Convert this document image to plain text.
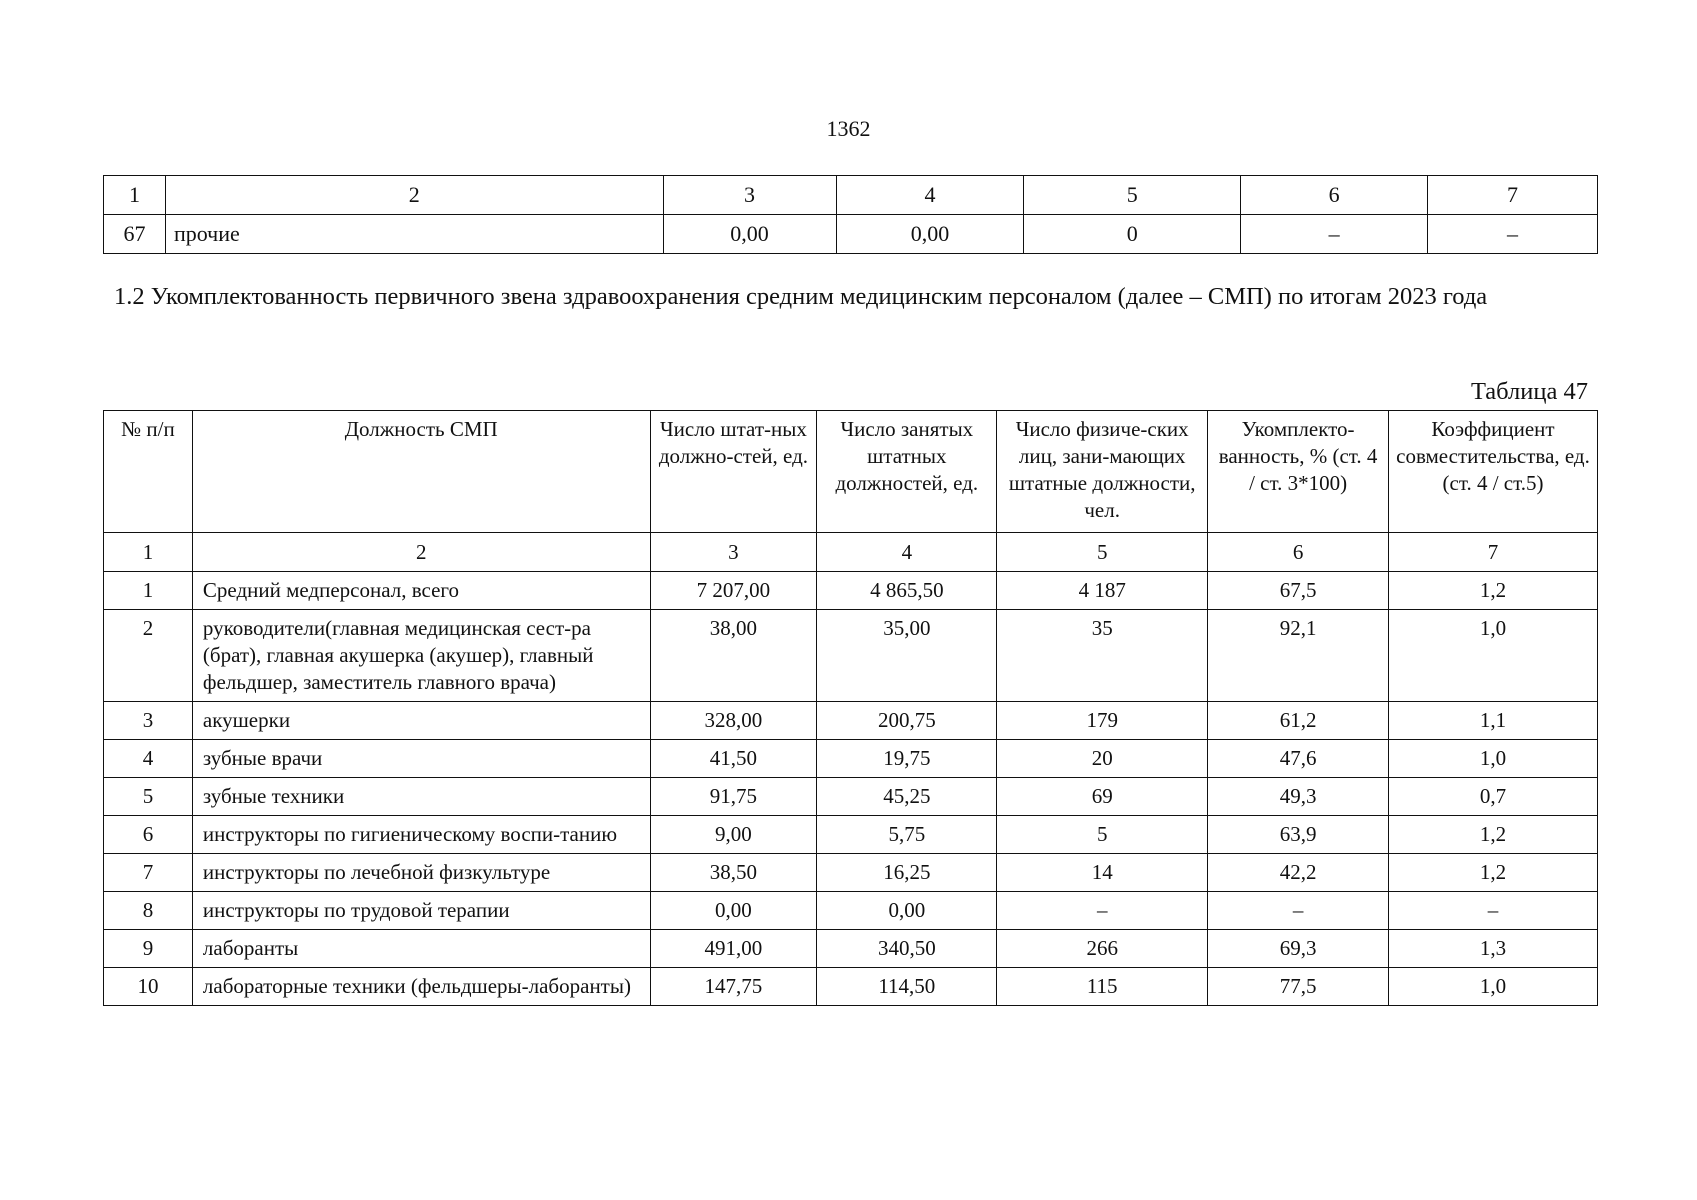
1362
1	2	3	4	5	6	7
67	прочие	0,00	0,00	0	–	–

1.2 Укомплектованность первичного звена здравоохранения средним медицинским персоналом (далее – СМП) по итогам 2023 года

Таблица 47
№ п/п	Должность СМП	Число штат-ных должно-стей, ед.	Число занятых штатных должностей, ед.	Число физиче-ских лиц, зани-мающих штатные должности, чел.	Укомплекто-ванность, % (ст. 4 / ст. 3*100)	Коэффициент совместительства, ед. (ст. 4 / ст.5)
1	2	3	4	5	6	7
1	Средний медперсонал, всего	7 207,00	4 865,50	4 187	67,5	1,2
2	руководители(главная медицинская сест-ра (брат), главная акушерка (акушер), главный фельдшер, заместитель главного врача)	38,00	35,00	35	92,1	1,0
3	акушерки	328,00	200,75	179	61,2	1,1
4	зубные врачи	41,50	19,75	20	47,6	1,0
5	зубные техники	91,75	45,25	69	49,3	0,7
6	инструкторы по гигиеническому воспи-танию	9,00	5,75	5	63,9	1,2
7	инструкторы по лечебной физкультуре	38,50	16,25	14	42,2	1,2
8	инструкторы по трудовой терапии	0,00	0,00	–	–	–
9	лаборанты	491,00	340,50	266	69,3	1,3
10	лабораторные техники (фельдшеры-лаборанты)	147,75	114,50	115	77,5	1,0
